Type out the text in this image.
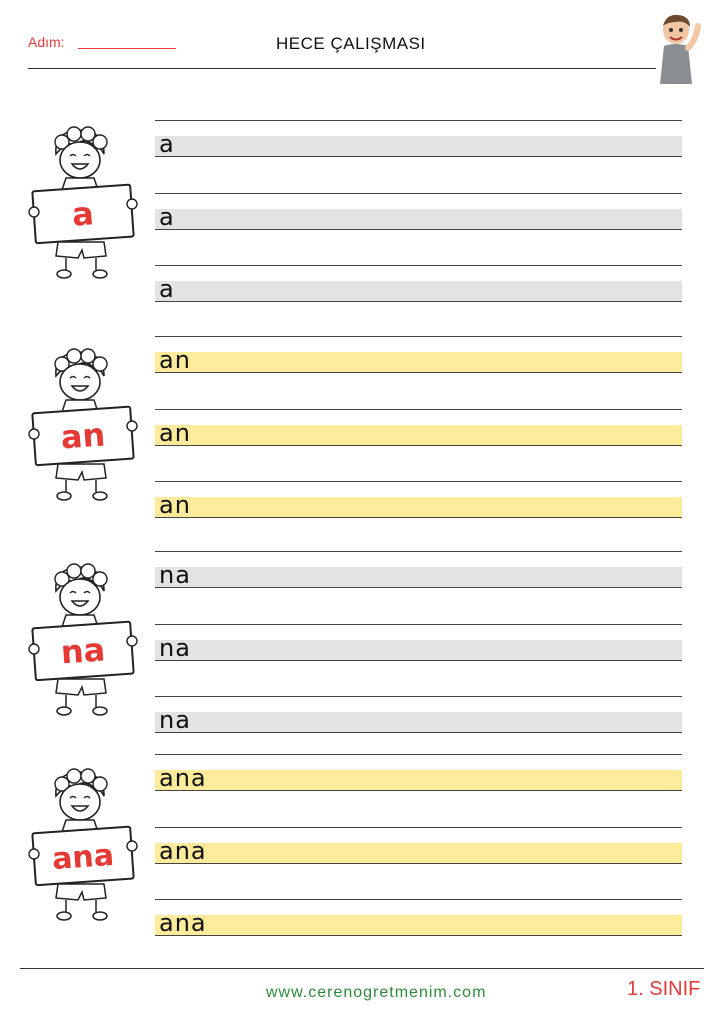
Adım:	HECE ÇALIŞMASI
a
a
a
a
an
an
an
an
na
na
na
na
ana
ana
ana
ana
www.cerenogretmenim.com	1. SINIF
